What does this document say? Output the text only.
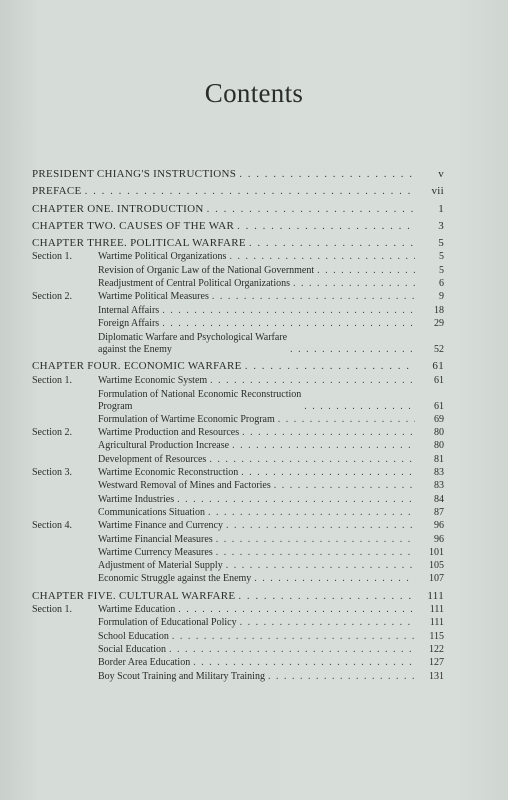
Contents
PRESIDENT CHIANG'S INSTRUCTIONS . . .	v
PREFACE . . .	vii
CHAPTER ONE. INTRODUCTION . . .	1
CHAPTER TWO. CAUSES OF THE WAR . . .	3
CHAPTER THREE. POLITICAL WARFARE . . .	5
Section 1.	Wartime Political Organizations . . .	5
Revision of Organic Law of the National Government . . .	5
Readjustment of Central Political Organizations . . .	6
Section 2.	Wartime Political Measures . . .	9
Internal Affairs . . .	18
Foreign Affairs . . .	29
Diplomatic Warfare and Psychological Warfare
against the Enemy . . .	52
CHAPTER FOUR. ECONOMIC WARFARE . . .	61
Section 1.	Wartime Economic System . . .	61
Formulation of National Economic Reconstruction
Program . . .	61
Formulation of Wartime Economic Program . . .	69
Section 2.	Wartime Production and Resources . . .	80
Agricultural Production Increase . . .	80
Development of Resources . . .	81
Section 3.	Wartime Economic Reconstruction . . .	83
Westward Removal of Mines and Factories . . .	83
Wartime Industries . . .	84
Communications Situation . . .	87
Section 4.	Wartime Finance and Currency . . .	96
Wartime Financial Measures . . .	96
Wartime Currency Measures . . .	101
Adjustment of Material Supply . . .	105
Economic Struggle against the Enemy . . .	107
CHAPTER FIVE. CULTURAL WARFARE . . .	111
Section 1.	Wartime Education . . .	111
Formulation of Educational Policy . . .	111
School Education . . .	115
Social Education . . .	122
Border Area Education . . .	127
Boy Scout Training and Military Training . . .	131
